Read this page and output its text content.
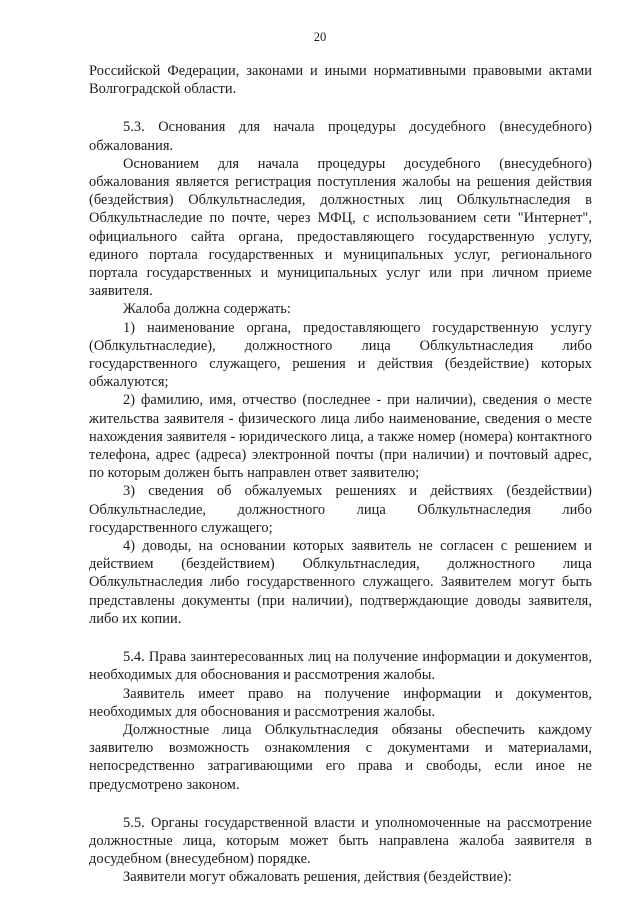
20

Российской Федерации, законами и иными нормативными правовыми актами Волгоградской области.

5.3. Основания для начала процедуры досудебного (внесудебного) обжалования.

Основанием для начала процедуры досудебного (внесудебного) обжалования является регистрация поступления жалобы на решения действия (бездействия) Облкультнаследия, должностных лиц Облкультнаследия в Облкультнаследие по почте, через МФЦ, с использованием сети "Интернет", официального сайта органа, предоставляющего государственную услугу, единого портала государственных и муниципальных услуг, регионального портала государственных и муниципальных услуг или при личном приеме заявителя.

Жалоба должна содержать:

1) наименование органа, предоставляющего государственную услугу (Облкультнаследие), должностного лица Облкультнаследия либо государственного служащего, решения и действия (бездействие) которых обжалуются;

2) фамилию, имя, отчество (последнее - при наличии), сведения о месте жительства заявителя - физического лица либо наименование, сведения о месте нахождения заявителя - юридического лица, а также номер (номера) контактного телефона, адрес (адреса) электронной почты (при наличии) и почтовый адрес, по которым должен быть направлен ответ заявителю;

3) сведения об обжалуемых решениях и действиях (бездействии) Облкультнаследие, должностного лица Облкультнаследия либо государственного служащего;

4) доводы, на основании которых заявитель не согласен с решением и действием (бездействием) Облкультнаследия, должностного лица Облкультнаследия либо государственного служащего. Заявителем могут быть представлены документы (при наличии), подтверждающие доводы заявителя, либо их копии.

5.4. Права заинтересованных лиц на получение информации и документов, необходимых для обоснования и рассмотрения жалобы.

Заявитель имеет право на получение информации и документов, необходимых для обоснования и рассмотрения жалобы.

Должностные лица Облкультнаследия обязаны обеспечить каждому заявителю возможность ознакомления с документами и материалами, непосредственно затрагивающими его права и свободы, если иное не предусмотрено законом.

5.5. Органы государственной власти и уполномоченные на рассмотрение должностные лица, которым может быть направлена жалоба заявителя в досудебном (внесудебном) порядке.

Заявители могут обжаловать решения, действия (бездействие):
